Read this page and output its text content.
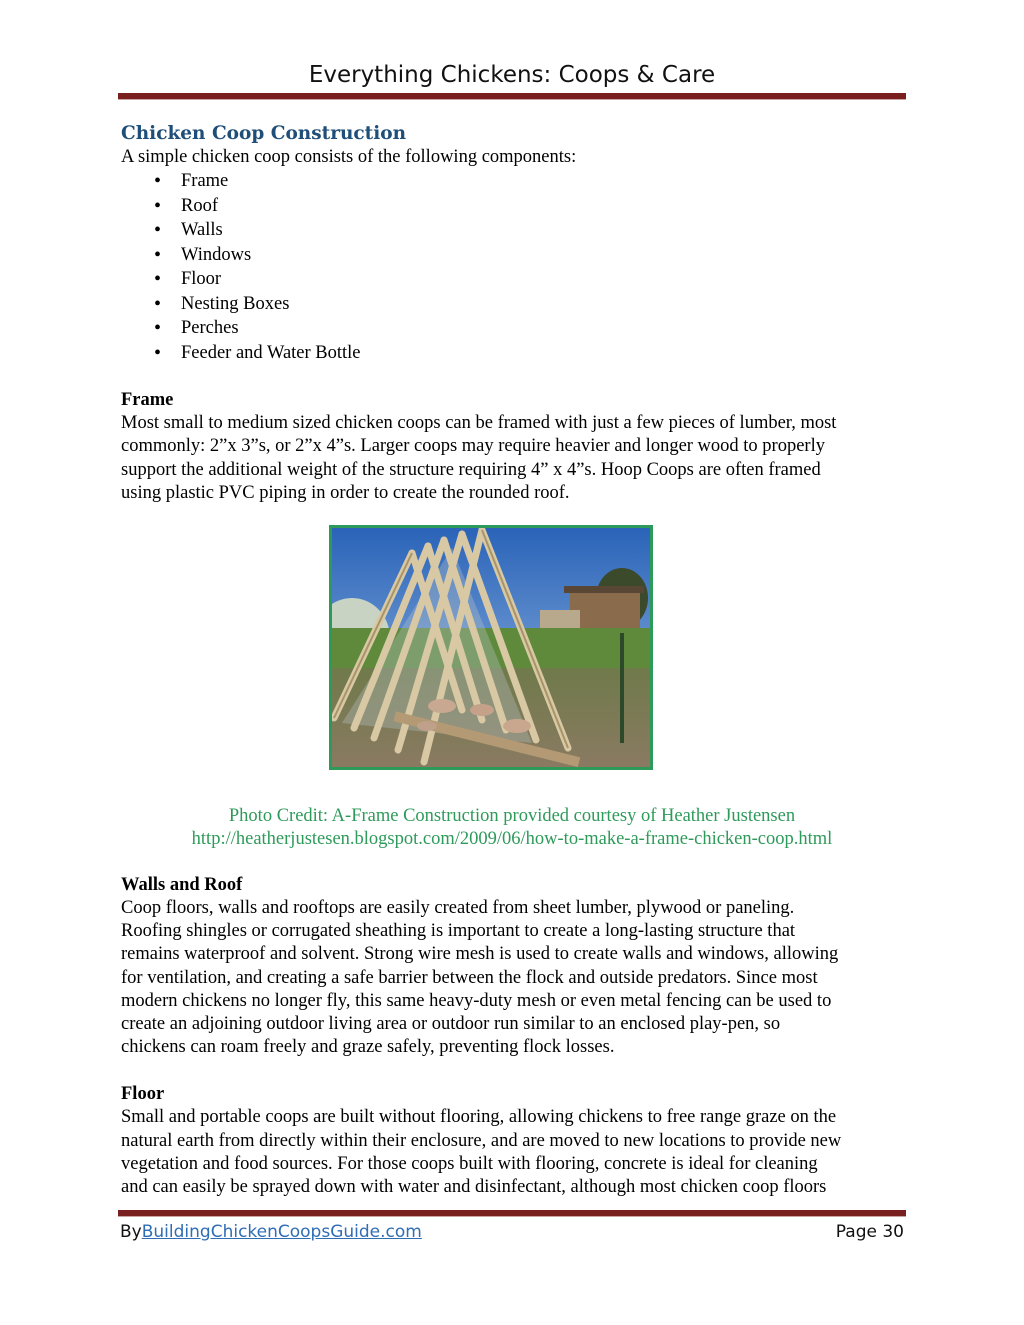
Everything Chickens: Coops & Care
Chicken Coop Construction

A simple chicken coop consists of the following components:

• Frame
• Roof
• Walls
• Windows
• Floor
• Nesting Boxes
• Perches
• Feeder and Water Bottle
Frame

Most small to medium sized chicken coops can be framed with just a few pieces of lumber, most

commonly: 2”x 3”s, or 2”x 4”s. Larger coops may require heavier and longer wood to properly

support the additional weight of the structure requiring 4” x 4”s. Hoop Coops are often framed

using plastic PVC piping in order to create the rounded roof.

Photo Credit: A-Frame Construction provided courtesy of Heather Justensen
http://heatherjustesen.blogspot.com/2009/06/how-to-make-a-frame-chicken-coop.html
Walls and Roof

Coop floors, walls and rooftops are easily created from sheet lumber, plywood or paneling.

Roofing shingles or corrugated sheathing is important to create a long-lasting structure that

remains waterproof and solvent. Strong wire mesh is used to create walls and windows, allowing

for ventilation, and creating a safe barrier between the flock and outside predators. Since most

modern chickens no longer fly, this same heavy-duty mesh or even metal fencing can be used to

create an adjoining outdoor living area or outdoor run similar to an enclosed play-pen, so

chickens can roam freely and graze safely, preventing flock losses.

Floor

Small and portable coops are built without flooring, allowing chickens to free range graze on the

natural earth from directly within their enclosure, and are moved to new locations to provide new

vegetation and food sources. For those coops built with flooring, concrete is ideal for cleaning

and can easily be sprayed down with water and disinfectant, although most chicken coop floors

ByBuildingChickenCoopsGuide.com	Page 30
